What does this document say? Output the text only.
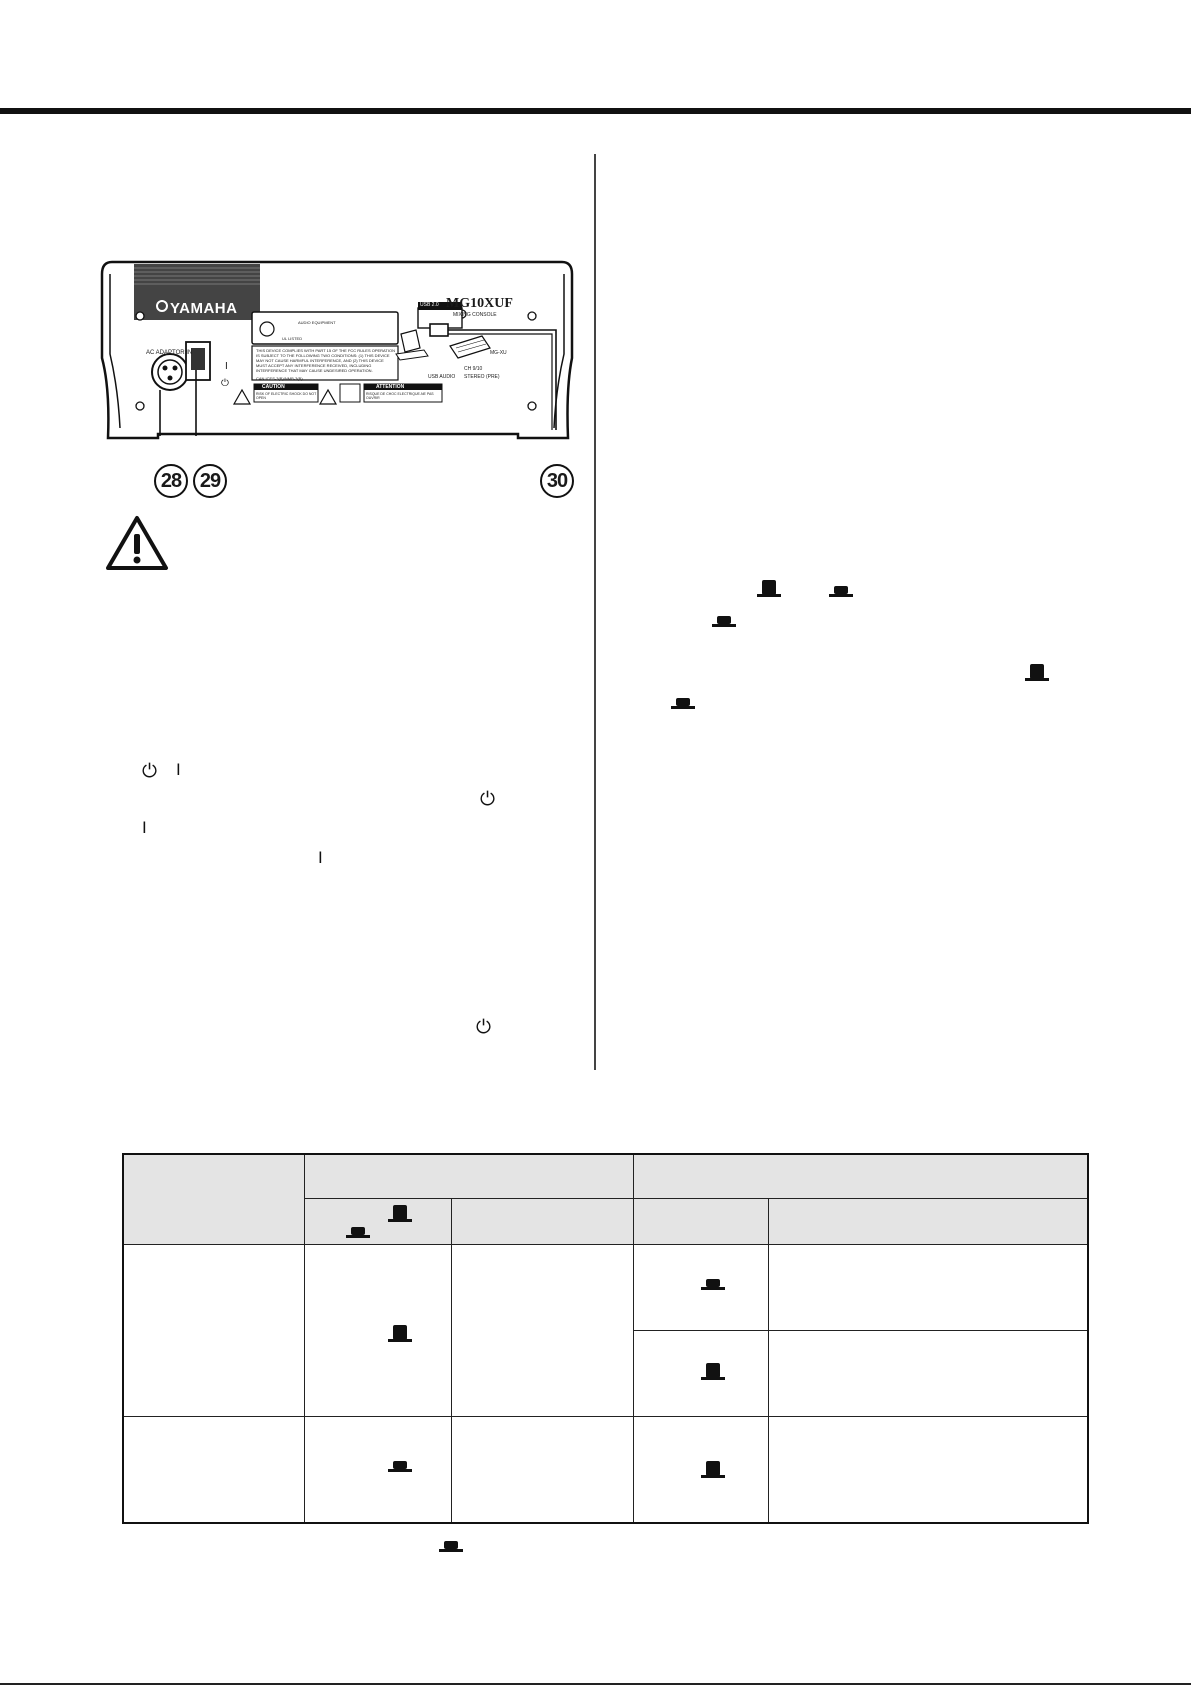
YAMAHA	MG10XUF
MIXING CONSOLE
AC ADAPTOR IN
I
⏻
USB 2.0
USB AUDIO
CH 9/10
STEREO (PRE)
MG-XU
AUDIO EQUIPMENT
UL LISTED
THIS DEVICE COMPLIES WITH PART 15 OF THE FCC RULES OPERATION IS SUBJECT TO THE FOLLOWING TWO CONDITIONS: (1) THIS DEVICE MAY NOT CAUSE HARMFUL INTERFERENCE, AND (2) THIS DEVICE MUST ACCEPT ANY INTERFERENCE RECEIVED, INCLUDING INTERFERENCE THAT MAY CAUSE UNDESIRED OPERATION.
CAN ICES-3(B)/NMB-3(B)
CAUTION
RISK OF ELECTRIC SHOCK DO NOT OPEN
ATTENTION
RISQUE DE CHOC ELECTRIQUE-NE PAS OUVRIR
28 29	30
⏻ I
⏻
I
I
⏻
